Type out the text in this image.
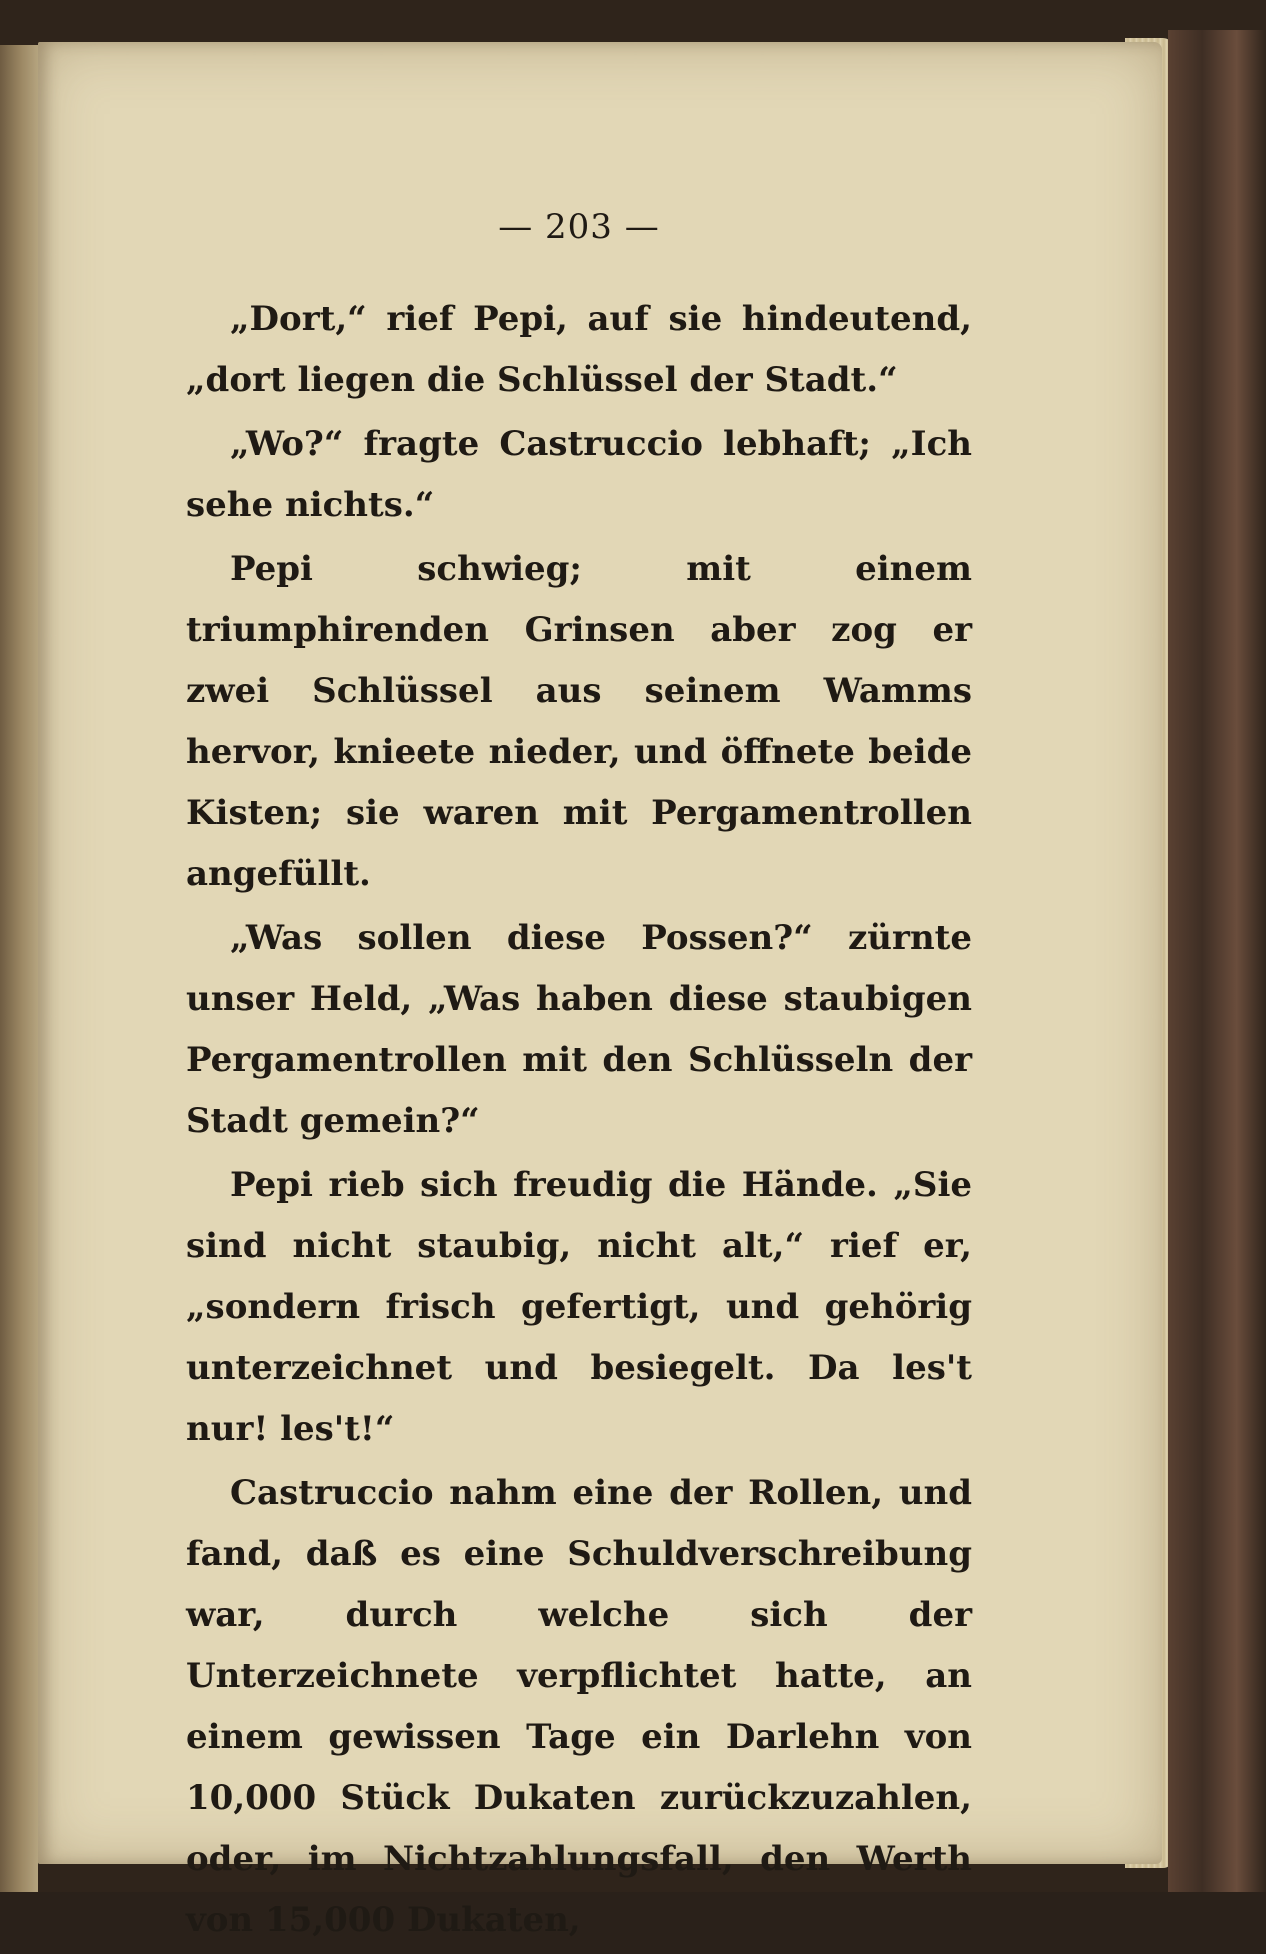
— 203 —

„Dort,“ rief Pepi, auf sie hindeutend, „dort liegen die Schlüssel der Stadt.“

„Wo?“ fragte Castruccio lebhaft; „Ich sehe nichts.“

Pepi schwieg; mit einem triumphirenden Grinsen aber zog er zwei Schlüssel aus seinem Wamms hervor, knieete nieder, und öffnete beide Kisten; sie waren mit Pergamentrollen angefüllt.

„Was sollen diese Possen?“ zürnte unser Held, „Was haben diese staubigen Pergamentrollen mit den Schlüsseln der Stadt gemein?“

Pepi rieb sich freudig die Hände. „Sie sind nicht staubig, nicht alt,“ rief er, „sondern frisch gefertigt, und gehörig unterzeichnet und besiegelt. Da les't nur! les't!“

Castruccio nahm eine der Rollen, und fand, daß es eine Schuldverschreibung war, durch welche sich der Unterzeichnete verpflichtet hatte, an einem gewissen Tage ein Darlehn von 10,000 Stück Dukaten zurückzuzahlen, oder, im Nichtzahlungsfall, den Werth von 15,000 Dukaten,
